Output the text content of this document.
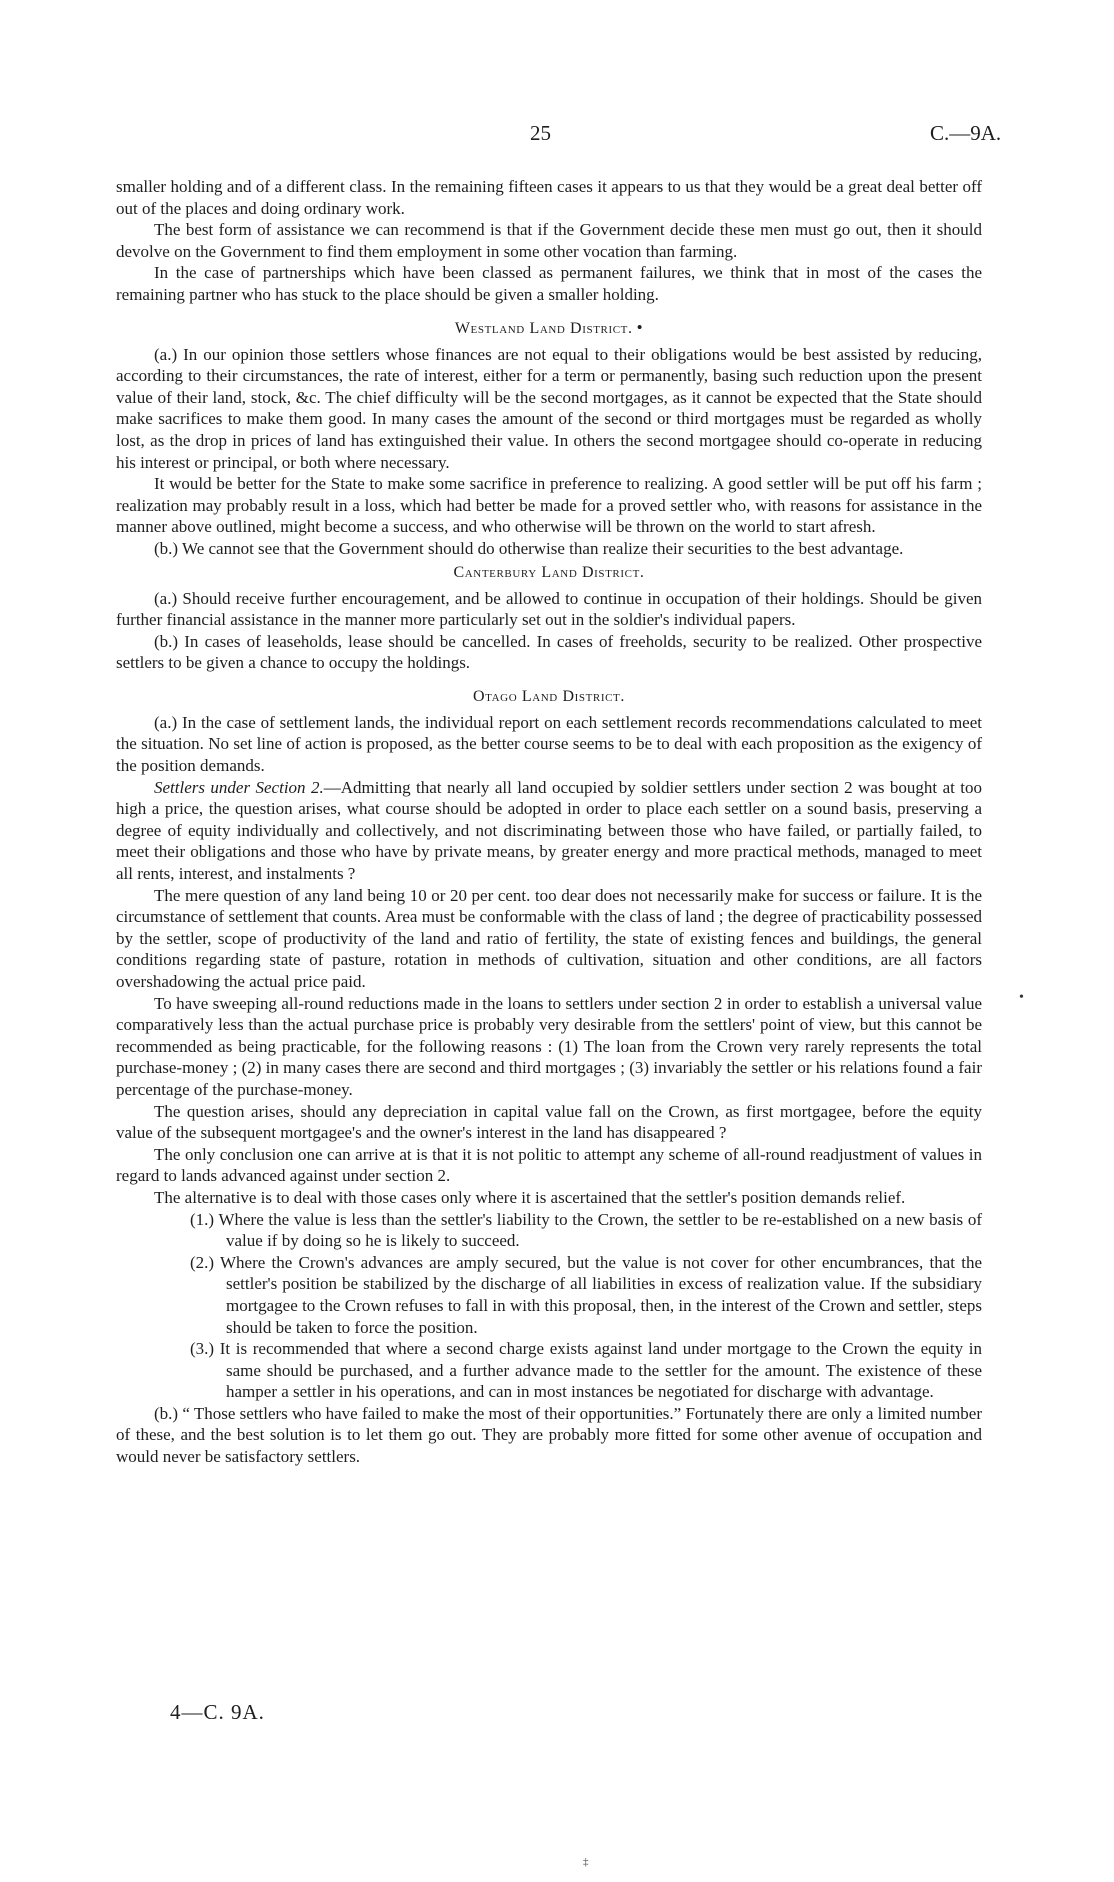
25	C.—9A.

smaller holding and of a different class. In the remaining fifteen cases it appears to us that they would be a great deal better off out of the places and doing ordinary work.

The best form of assistance we can recommend is that if the Government decide these men must go out, then it should devolve on the Government to find them employment in some other vocation than farming.

In the case of partnerships which have been classed as permanent failures, we think that in most of the cases the remaining partner who has stuck to the place should be given a smaller holding.

Westland Land District. •

(a.) In our opinion those settlers whose finances are not equal to their obligations would be best assisted by reducing, according to their circumstances, the rate of interest, either for a term or permanently, basing such reduction upon the present value of their land, stock, &c. The chief difficulty will be the second mortgages, as it cannot be expected that the State should make sacrifices to make them good. In many cases the amount of the second or third mortgages must be regarded as wholly lost, as the drop in prices of land has extinguished their value. In others the second mortgagee should co-operate in reducing his interest or principal, or both where necessary.

It would be better for the State to make some sacrifice in preference to realizing. A good settler will be put off his farm ; realization may probably result in a loss, which had better be made for a proved settler who, with reasons for assistance in the manner above outlined, might become a success, and who otherwise will be thrown on the world to start afresh.

(b.) We cannot see that the Government should do otherwise than realize their securities to the best advantage.

Canterbury Land District.

(a.) Should receive further encouragement, and be allowed to continue in occupation of their holdings. Should be given further financial assistance in the manner more particularly set out in the soldier's individual papers.

(b.) In cases of leaseholds, lease should be cancelled. In cases of freeholds, security to be realized. Other prospective settlers to be given a chance to occupy the holdings.

Otago Land District.

(a.) In the case of settlement lands, the individual report on each settlement records recommendations calculated to meet the situation. No set line of action is proposed, as the better course seems to be to deal with each proposition as the exigency of the position demands.

Settlers under Section 2.—Admitting that nearly all land occupied by soldier settlers under section 2 was bought at too high a price, the question arises, what course should be adopted in order to place each settler on a sound basis, preserving a degree of equity individually and collectively, and not discriminating between those who have failed, or partially failed, to meet their obligations and those who have by private means, by greater energy and more practical methods, managed to meet all rents, interest, and instalments ?

The mere question of any land being 10 or 20 per cent. too dear does not necessarily make for success or failure. It is the circumstance of settlement that counts. Area must be conformable with the class of land ; the degree of practicability possessed by the settler, scope of productivity of the land and ratio of fertility, the state of existing fences and buildings, the general conditions regarding state of pasture, rotation in methods of cultivation, situation and other conditions, are all factors overshadowing the actual price paid.

To have sweeping all-round reductions made in the loans to settlers under section 2 in order to establish a universal value comparatively less than the actual purchase price is probably very desirable from the settlers' point of view, but this cannot be recommended as being practicable, for the following reasons : (1) The loan from the Crown very rarely represents the total purchase-money ; (2) in many cases there are second and third mortgages ; (3) invariably the settler or his relations found a fair percentage of the purchase-money.

The question arises, should any depreciation in capital value fall on the Crown, as first mortgagee, before the equity value of the subsequent mortgagee's and the owner's interest in the land has disappeared ?

The only conclusion one can arrive at is that it is not politic to attempt any scheme of all-round readjustment of values in regard to lands advanced against under section 2.

The alternative is to deal with those cases only where it is ascertained that the settler's position demands relief.

(1.) Where the value is less than the settler's liability to the Crown, the settler to be re-established on a new basis of value if by doing so he is likely to succeed.

(2.) Where the Crown's advances are amply secured, but the value is not cover for other encumbrances, that the settler's position be stabilized by the discharge of all liabilities in excess of realization value. If the subsidiary mortgagee to the Crown refuses to fall in with this proposal, then, in the interest of the Crown and settler, steps should be taken to force the position.

(3.) It is recommended that where a second charge exists against land under mortgage to the Crown the equity in same should be purchased, and a further advance made to the settler for the amount. The existence of these hamper a settler in his operations, and can in most instances be negotiated for discharge with advantage.

(b.) “ Those settlers who have failed to make the most of their opportunities.” Fortunately there are only a limited number of these, and the best solution is to let them go out. They are probably more fitted for some other avenue of occupation and would never be satisfactory settlers.

4—C. 9A.
•
‡
